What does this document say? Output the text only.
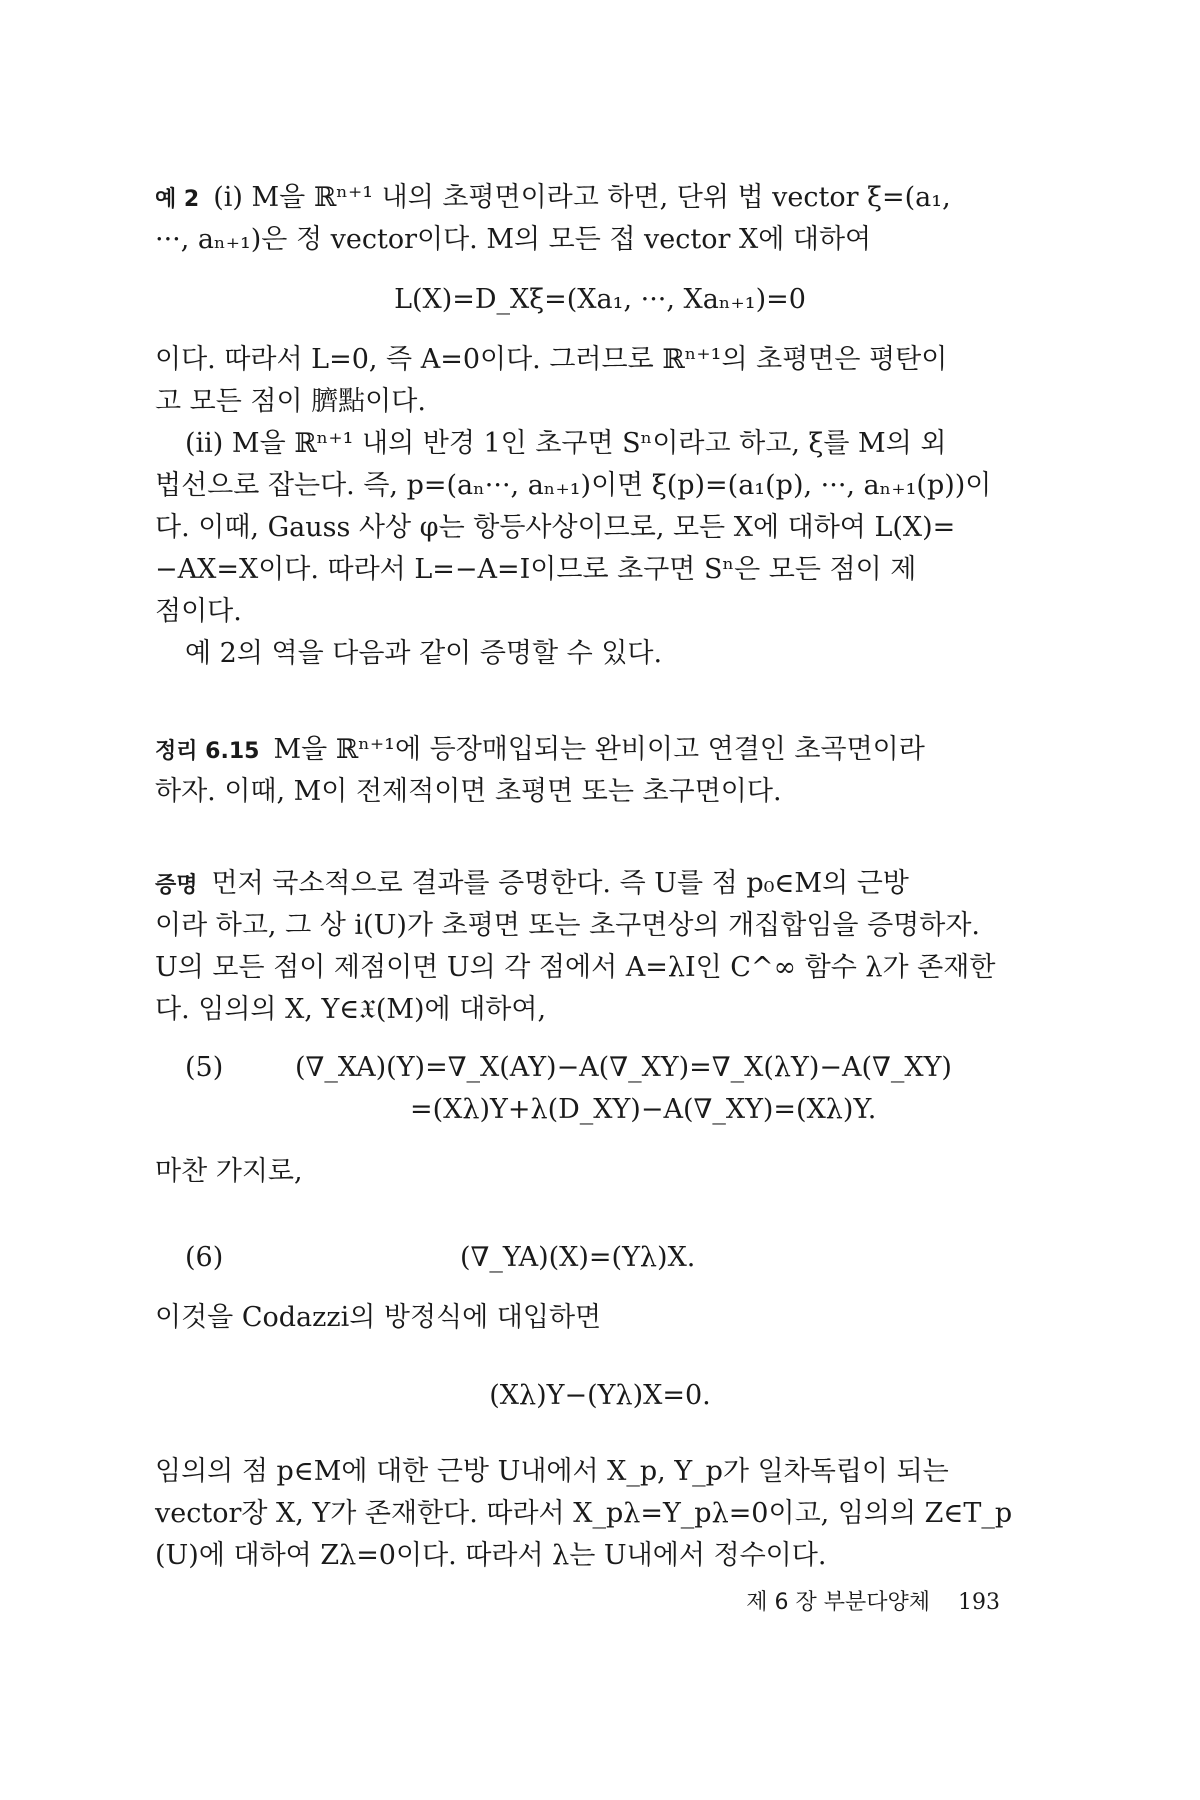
예 2 (i) M을 ℝⁿ⁺¹ 내의 초평면이라고 하면, 단위 법 vector ξ=(a₁,
···, aₙ₊₁)은 정 vector이다. M의 모든 접 vector X에 대하여
L(X)=D_Xξ=(Xa₁, ···, Xaₙ₊₁)=0
이다. 따라서 L=0, 즉 A=0이다. 그러므로 ℝⁿ⁺¹의 초평면은 평탄이
고 모든 점이 臍點이다.
(ii) M을 ℝⁿ⁺¹ 내의 반경 1인 초구면 Sⁿ이라고 하고, ξ를 M의 외
법선으로 잡는다. 즉, p=(aₙ···, aₙ₊₁)이면 ξ(p)=(a₁(p), ···, aₙ₊₁(p))이
다. 이때, Gauss 사상 φ는 항등사상이므로, 모든 X에 대하여 L(X)=
−AX=X이다. 따라서 L=−A=I이므로 초구면 Sⁿ은 모든 점이 제
점이다.
예 2의 역을 다음과 같이 증명할 수 있다.
정리 6.15 M을 ℝⁿ⁺¹에 등장매입되는 완비이고 연결인 초곡면이라
하자. 이때, M이 전제적이면 초평면 또는 초구면이다.
증명 먼저 국소적으로 결과를 증명한다. 즉 U를 점 p₀∈M의 근방
이라 하고, 그 상 i(U)가 초평면 또는 초구면상의 개집합임을 증명하자.
U의 모든 점이 제점이면 U의 각 점에서 A=λI인 C^∞ 함수 λ가 존재한
다. 임의의 X, Y∈𝔛(M)에 대하여,
(5)	(∇_XA)(Y)=∇_X(AY)−A(∇_XY)=∇_X(λY)−A(∇_XY)
=(Xλ)Y+λ(D_XY)−A(∇_XY)=(Xλ)Y.
마찬 가지로,
(6)	(∇_YA)(X)=(Yλ)X.
이것을 Codazzi의 방정식에 대입하면
(Xλ)Y−(Yλ)X=0.
임의의 점 p∈M에 대한 근방 U내에서 X_p, Y_p가 일차독립이 되는
vector장 X, Y가 존재한다. 따라서 X_pλ=Y_pλ=0이고, 임의의 Z∈T_p
(U)에 대하여 Zλ=0이다. 따라서 λ는 U내에서 정수이다.
제 6 장 부분다양체 193
